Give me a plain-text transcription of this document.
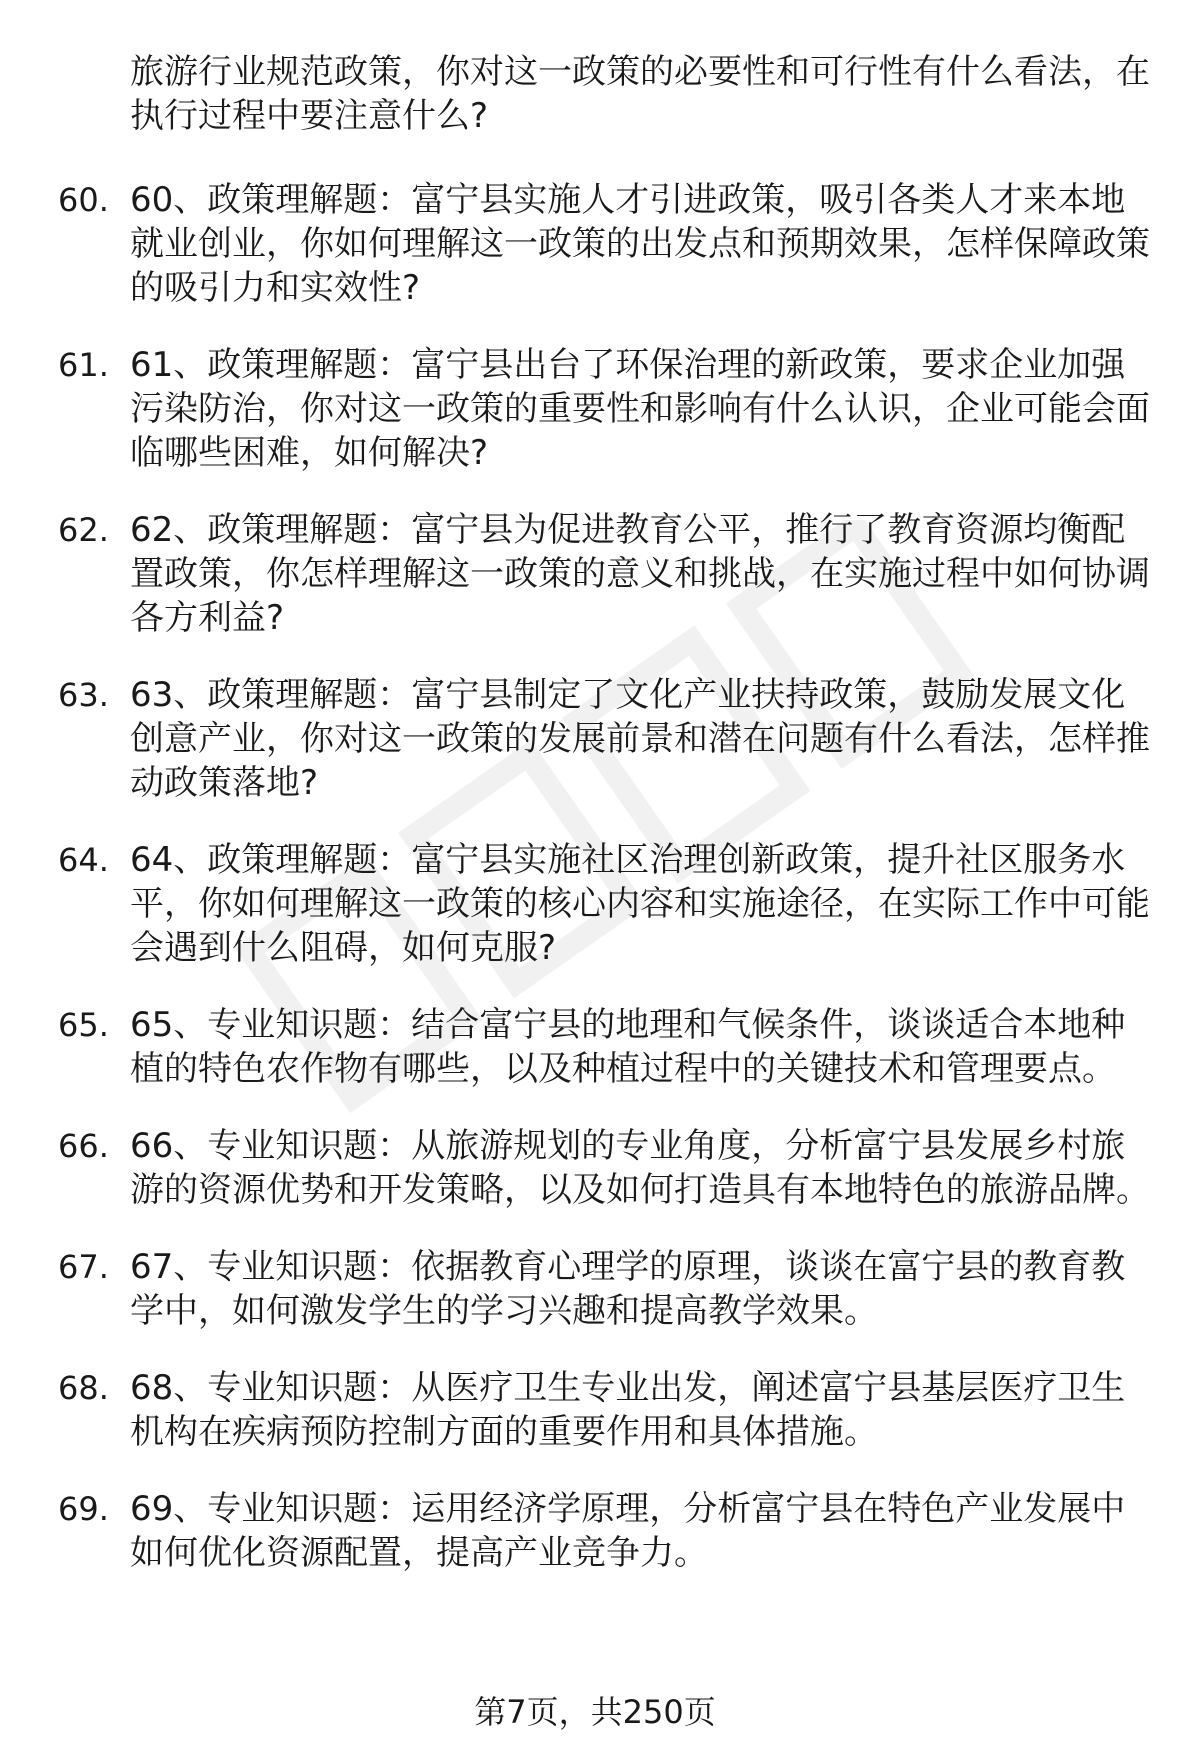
旅游行业规范政策，你对这一政策的必要性和可行性有什么看法，在执行过程中要注意什么?

60. 60、政策理解题：富宁县实施人才引进政策，吸引各类人才来本地就业创业，你如何理解这一政策的出发点和预期效果，怎样保障政策的吸引力和实效性?
61. 61、政策理解题：富宁县出台了环保治理的新政策，要求企业加强污染防治，你对这一政策的重要性和影响有什么认识，企业可能会面临哪些困难，如何解决?
62. 62、政策理解题：富宁县为促进教育公平，推行了教育资源均衡配置政策，你怎样理解这一政策的意义和挑战，在实施过程中如何协调各方利益?
63. 63、政策理解题：富宁县制定了文化产业扶持政策，鼓励发展文化创意产业，你对这一政策的发展前景和潜在问题有什么看法，怎样推动政策落地?
64. 64、政策理解题：富宁县实施社区治理创新政策，提升社区服务水平，你如何理解这一政策的核心内容和实施途径，在实际工作中可能会遇到什么阻碍，如何克服?
65. 65、专业知识题：结合富宁县的地理和气候条件，谈谈适合本地种植的特色农作物有哪些，以及种植过程中的关键技术和管理要点。
66. 66、专业知识题：从旅游规划的专业角度，分析富宁县发展乡村旅游的资源优势和开发策略，以及如何打造具有本地特色的旅游品牌。
67. 67、专业知识题：依据教育心理学的原理，谈谈在富宁县的教育教学中，如何激发学生的学习兴趣和提高教学效果。
68. 68、专业知识题：从医疗卫生专业出发，阐述富宁县基层医疗卫生机构在疾病预防控制方面的重要作用和具体措施。
69. 69、专业知识题：运用经济学原理，分析富宁县在特色产业发展中如何优化资源配置，提高产业竞争力。
第7页，共250页
